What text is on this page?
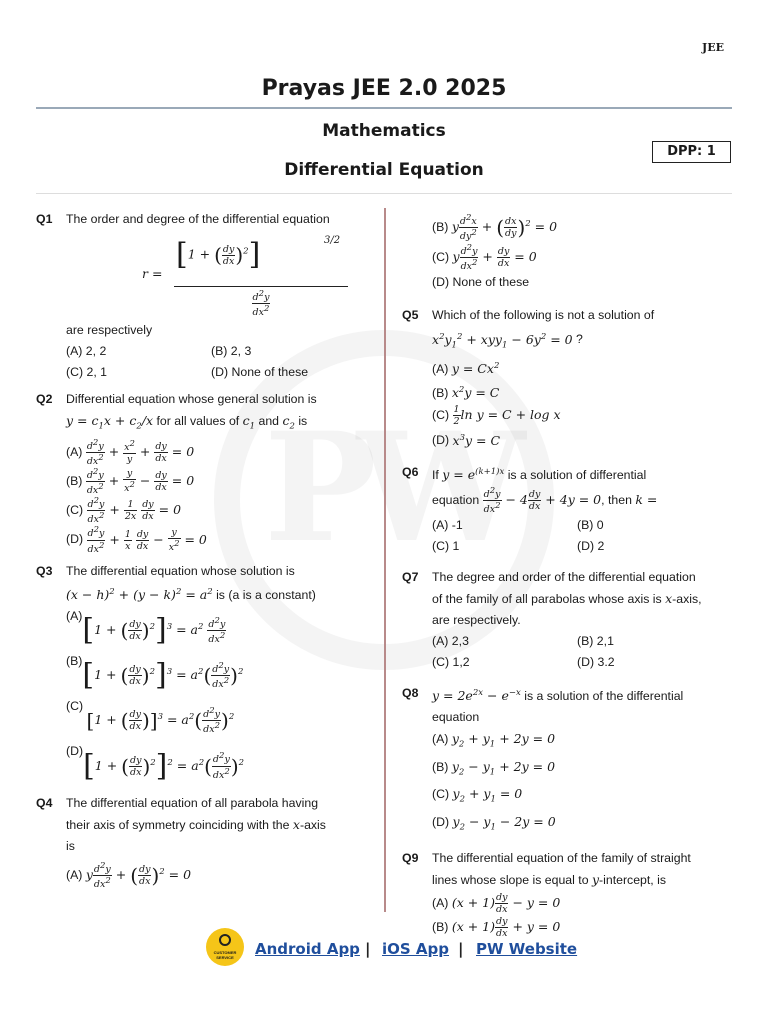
JEE
Prayas JEE 2.0 2025
Mathematics
Differential Equation
DPP: 1
Q1 The order and degree of the differential equation
r =
[1 + ( $\frac{dy}{dx} )^2$]	3/2
$\frac{d^2y}{dx^2}$
are respectively
(A) 2, 2	(B) 2, 3
(C) 2, 1	(D) None of these
Q2 Differential equation whose general solution is
$y = c_1x + c_2/x$ for all values of $c_1$ and $c_2$ is
$(A) \frac{d^2y}{dx^2} + \frac{x^2}{y} + \frac{dy}{dx} = 0$
$(B) \frac{d^2y}{dx^2} + \frac{y}{x^2} - \frac{dy}{dx} = 0$
$(C) \frac{d^2y}{dx^2} + \frac{1}{2x}$
$\frac{dy}{dx} = 0$
$(D) \frac{d^2y}{dx^2} + \frac{1}{x}$
$\frac{dy}{dx} - \frac{y}{x^2} = 0$
Q3 The differential equation whose solution is
$(x - h)^2 + (y - k)^2 = a^2$ is (a is a constant)
(A)[1 + ( $\frac{dy}{dx} )^2]^3 = a^2 \frac{d^2y}{dx^2}$
(B)[1 + ( $\frac{dy}{dx} )^2]^3 = a^2( \frac{d^2y}{dx^2} )^2$
(C) [1 + ( $\frac{dy}{dx} )]^3 = a^2( \frac{d^2y}{dx^2} )^2$
(D)[1 + ( $\frac{dy}{dx} )^2]^2 = a^2( \frac{d^2y}{dx^2} )^2$
Q4 The differential equation of all parabola having
their axis of symmetry coinciding with the x-axis
is
(A) y $\frac{d^2y}{dx^2}$ + ( $\frac{dy}{dx} )^2 = 0$
(B) y $\frac{d^2x}{dy^2}$ + ( $\frac{dx}{dy} )^2 = 0$
(C) y $\frac{d^2y}{dx^2} + \frac{dy}{dx} = 0$
(D) None of these
Q5 Which of the following is not a solution of
$x^2y_1^2 + xyy_1 - 6y^2 = 0$ ?
(A) $y = Cx^2$
(B) $x^2y = C$
$(C) \frac{1}{2}$ ln y = C + log x
(D) $x^3y = C$
Q6 If $y = e^{(k+1)x}$ is a solution of differential
equation $\frac{d^2y}{dx^2} - 4 \frac{dy}{dx} + 4y = 0$, then k =
(A) -1	(B) 0
(C) 1	(D) 2
Q7 The degree and order of the differential equation
of the family of all parabolas whose axis is x-axis,
are respectively.
(A) 2,3	(B) 2,1
(C) 1,2	(D) 3.2
Q8 $y = 2e^{2x} - e^{-x}$ is a solution of the differential
equation
(A) $y_2 + y_1 + 2y = 0$
(B) $y_2 - y_1 + 2y = 0$
(C) $y_2 + y_1 = 0$
(D) $y_2 - y_1 - 2y = 0$
Q9 The differential equation of the family of straight
lines whose slope is equal to y-intercept, is
(A) $(x + 1) \frac{dy}{dx} - y = 0$
(B) $(x + 1) \frac{dy}{dx} + y = 0$
CUSTOMER SERVICE	Android App | iOS App | PW Website
